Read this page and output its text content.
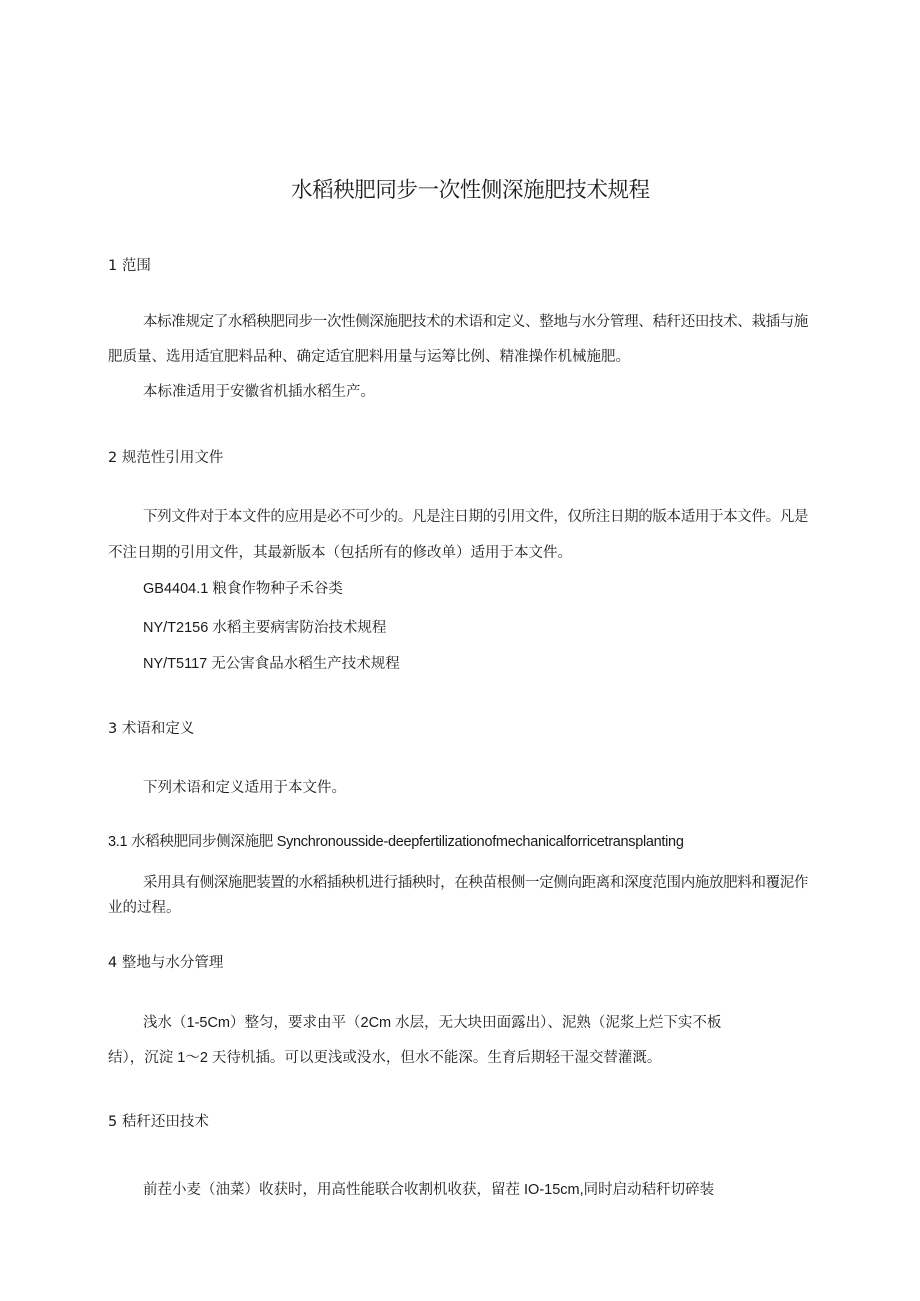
水稻秧肥同步一次性侧深施肥技术规程
1 范围
本标准规定了水稻秧肥同步一次性侧深施肥技术的术语和定义、整地与水分管理、秸秆还田技术、栽插与施
肥质量、选用适宜肥料品种、确定适宜肥料用量与运筹比例、精准操作机械施肥。
本标准适用于安徽省机插水稻生产。
2 规范性引用文件
下列文件对于本文件的应用是必不可少的。凡是注日期的引用文件，仅所注日期的版本适用于本文件。凡是
不注日期的引用文件，其最新版本（包括所有的修改单）适用于本文件。
GB4404.1 粮食作物种子禾谷类
NY/T2156 水稻主要病害防治技术规程
NY/T5117 无公害食品水稻生产技术规程
3 术语和定义
下列术语和定义适用于本文件。
3.1 水稻秧肥同步侧深施肥 Synchronousside-deepfertilizationofmechanicalforricetransplanting
采用具有侧深施肥装置的水稻插秧机进行插秧时，在秧苗根侧一定侧向距离和深度范围内施放肥料和覆泥作
业的过程。
4 整地与水分管理
浅水（1-5Cm）整匀，要求由平（2Cm 水层，无大块田面露出）、泥熟（泥浆上烂下实不板
结），沉淀 1～2 天待机插。可以更浅或没水，但水不能深。生育后期轻干湿交替灌溉。
5 秸秆还田技术
前茬小麦（油菜）收获时，用高性能联合收割机收获，留茬 IO-15cm,同时启动秸秆切碎装
